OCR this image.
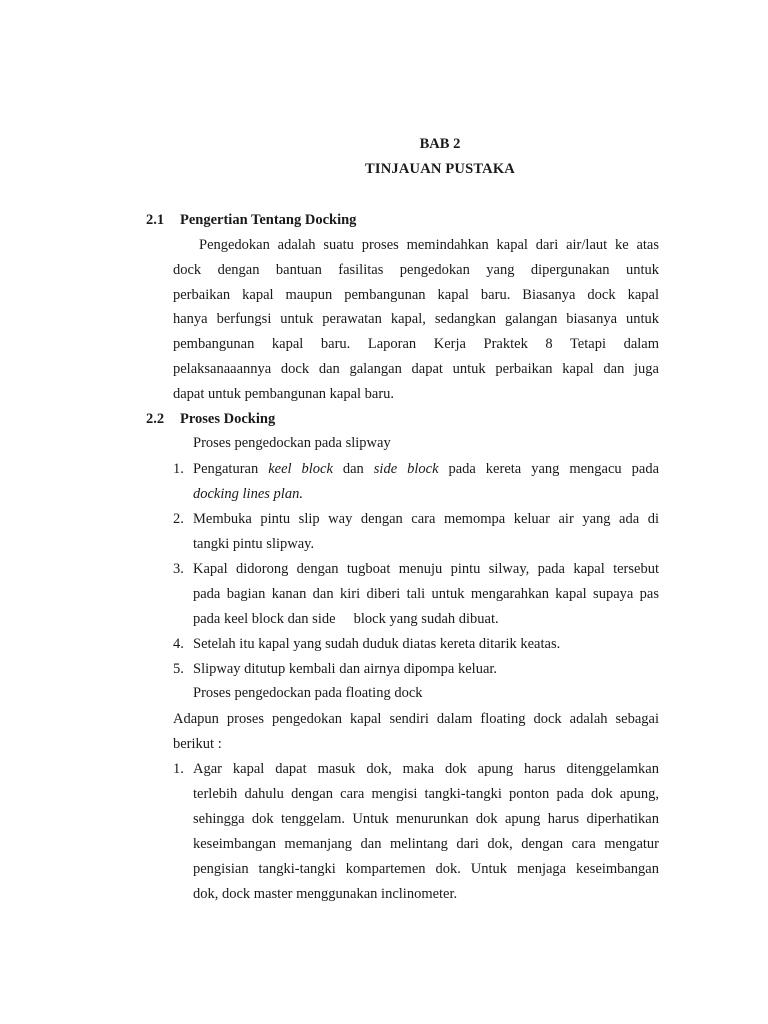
BAB 2
TINJAUAN PUSTAKA
2.1 Pengertian Tentang Docking
Pengedokan adalah suatu proses memindahkan kapal dari air/laut ke atas
dock dengan bantuan fasilitas pengedokan yang dipergunakan untuk
perbaikan kapal maupun pembangunan kapal baru. Biasanya dock kapal
hanya berfungsi untuk perawatan kapal, sedangkan galangan biasanya untuk
pembangunan kapal baru. Laporan Kerja Praktek 8 Tetapi dalam
pelaksanaaannya dock dan galangan dapat untuk perbaikan kapal dan juga
dapat untuk pembangunan kapal baru.
2.2 Proses Docking
Proses pengedockan pada slipway
1. Pengaturan keel block dan side block pada kereta yang mengacu pada
docking lines plan.
2. Membuka pintu slip way dengan cara memompa keluar air yang ada di
tangki pintu slipway.
3. Kapal didorong dengan tugboat menuju pintu silway, pada kapal tersebut
pada bagian kanan dan kiri diberi tali untuk mengarahkan kapal supaya pas
pada keel block dan side     block yang sudah dibuat.
4. Setelah itu kapal yang sudah duduk diatas kereta ditarik keatas.
5. Slipway ditutup kembali dan airnya dipompa keluar.
Proses pengedockan pada floating dock
Adapun proses pengedokan kapal sendiri dalam floating dock adalah sebagai
berikut :
1. Agar kapal dapat masuk dok, maka dok apung harus ditenggelamkan
terlebih dahulu dengan cara mengisi tangki-tangki ponton pada dok apung,
sehingga dok tenggelam. Untuk menurunkan dok apung harus diperhatikan
keseimbangan memanjang dan melintang dari dok, dengan cara mengatur
pengisian tangki-tangki kompartemen dok. Untuk menjaga keseimbangan
dok, dock master menggunakan inclinometer.
